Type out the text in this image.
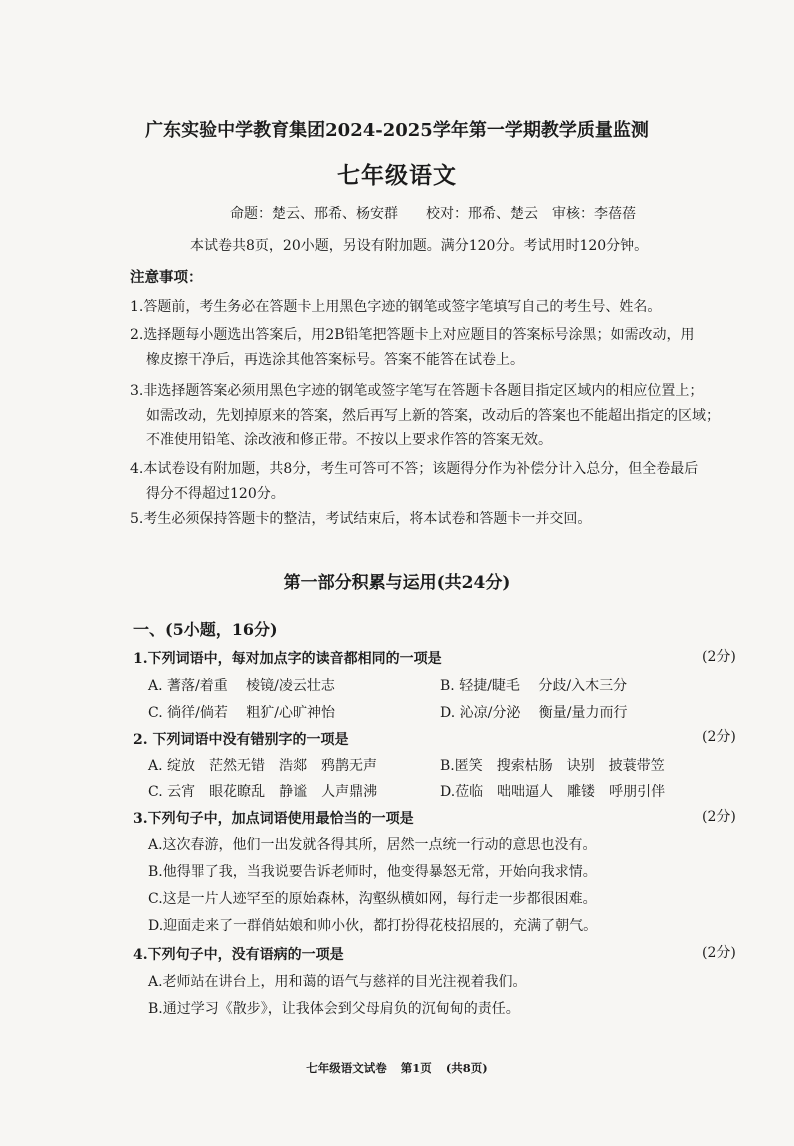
广东实验中学教育集团2024-2025学年第一学期教学质量监测
七年级语文
命题：楚云、邢希、杨安群　　校对：邢希、楚云　审核：李蓓蓓
本试卷共8页，20小题，另设有附加题。满分120分。考试用时120分钟。
注意事项：
1.答题前，考生务必在答题卡上用黑色字迹的钢笔或签字笔填写自己的考生号、姓名。
2.选择题每小题选出答案后，用2B铅笔把答题卡上对应题目的答案标号涂黑；如需改动，用
橡皮擦干净后，再选涂其他答案标号。答案不能答在试卷上。
3.非选择题答案必须用黑色字迹的钢笔或签字笔写在答题卡各题目指定区域内的相应位置上；
如需改动，先划掉原来的答案，然后再写上新的答案，改动后的答案也不能超出指定的区域；
不准使用铅笔、涂改液和修正带。不按以上要求作答的答案无效。
4.本试卷设有附加题，共8分，考生可答可不答；该题得分作为补偿分计入总分，但全卷最后
得分不得超过120分。
5.考生必须保持答题卡的整洁，考试结束后，将本试卷和答题卡一并交回。
第一部分积累与运用(共24分)
一、(5小题，16分)
1.下列词语中，每对加点字的读音都相同的一项是	(2分)
A. 蓍落/着重　 棱镜/凌云壮志	B. 轻捷/睫毛　 分歧/入木三分
C. 徜徉/倘若　 粗犷/心旷神怡	D. 沁凉/分泌　 衡量/量力而行
2. 下列词语中没有错别字的一项是	(2分)
A. 绽放　茫然无错　浩郯　鸦鹊无声	B.匿笑　搜索枯肠　诀别　披蓑带笠
C. 云宵　眼花瞭乱　静谧　人声鼎沸	D.莅临　咄咄逼人　雕镂　呼朋引伴
3.下列句子中，加点词语使用最恰当的一项是	(2分)
A.这次春游，他们一出发就各得其所，居然一点统一行动的意思也没有。
B.他得罪了我，当我说要告诉老师时，他变得暴怒无常，开始向我求情。
C.这是一片人迹罕至的原始森林，沟壑纵横如网，每行走一步都很困难。
D.迎面走来了一群俏姑娘和帅小伙，都打扮得花枝招展的，充满了朝气。
4.下列句子中，没有语病的一项是	(2分)
A.老师站在讲台上，用和蔼的语气与慈祥的目光注视着我们。
B.通过学习《散步》，让我体会到父母肩负的沉甸甸的责任。
七年级语文试卷 第1页 (共8页)
